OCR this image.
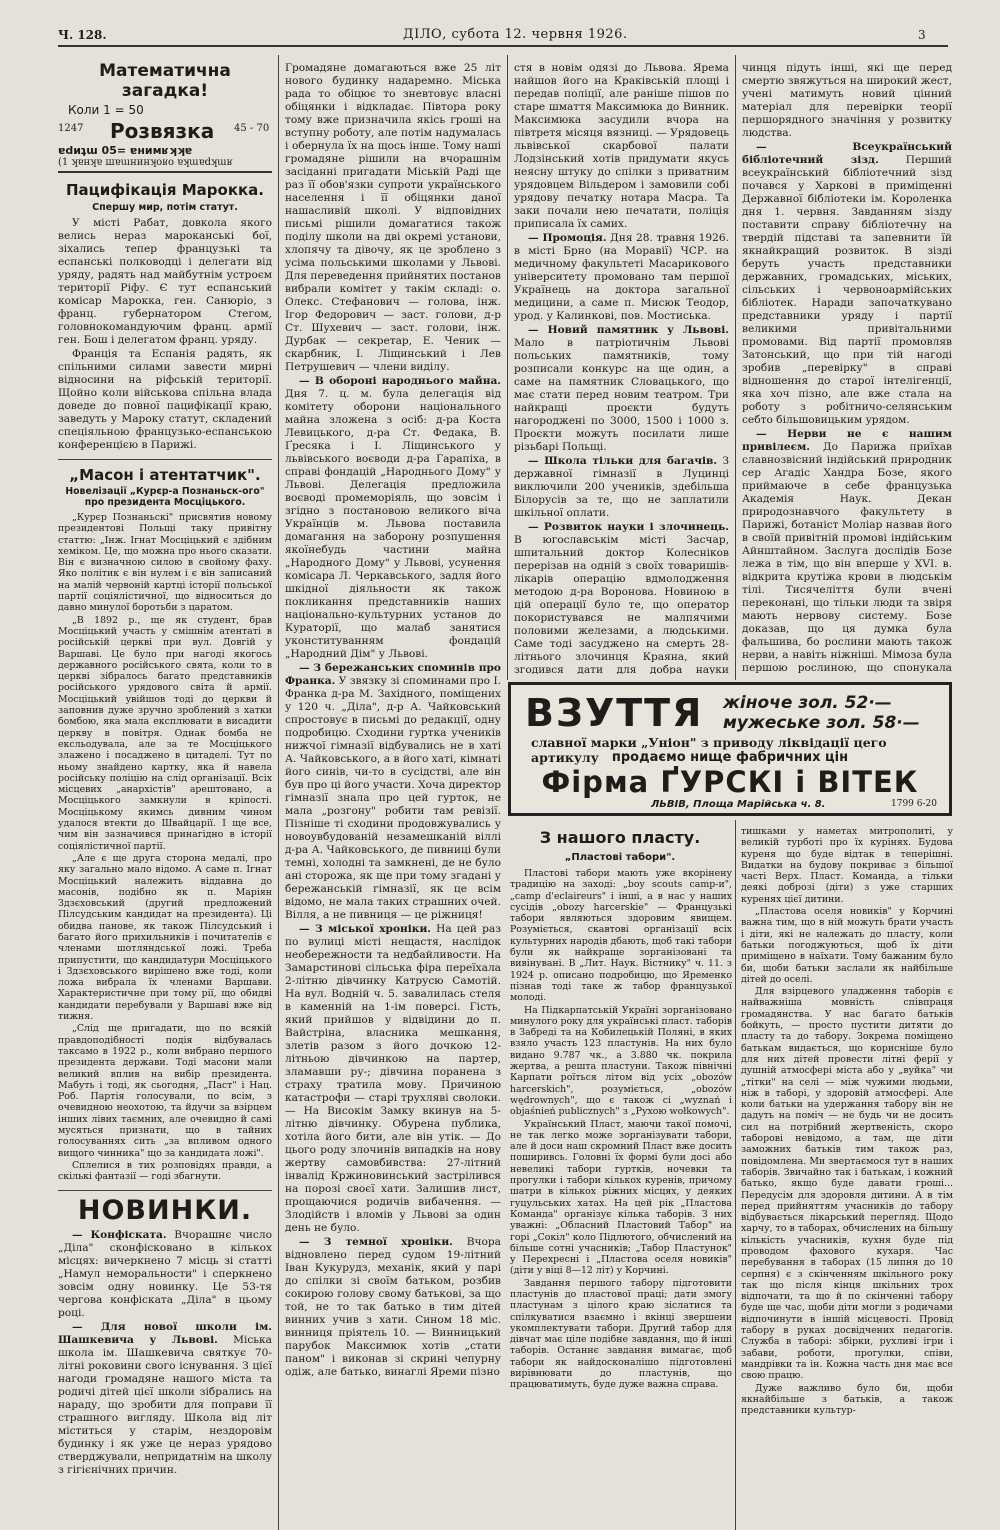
Ч. 128.	ДІЛО, субота 12. червня 1926.	3
Математична загадка!
Коли 1 = 50
1247 Розвязка 45 - 70
ɐdиʇɯ 05= ɐнимʁʞʞɐ
(1 ʞɐнʞɐ шɐɯнинʞоʁо ɐʞɯɐdʞɯʁ
Пацифікація Марокка.
Спершу мир, потім статут.

У місті Рабат, довкола якого велись нераз мароканські бої, зіхались тепер французькі та еспанські полководці і делегати від уряду, радять над майбутнім устроєм території Ріфу. Є тут еспанський комісар Марокка, ген. Санюріо, з франц. губернатором Стегом, головнокомандуючим франц. армії ген. Бош і делегатом франц. уряду.

Франція та Еспанія радять, як спільними силами завести мирні відносини на ріфській території. Щойно коли військова спільна влада доведе до повної пацифікації краю, заведуть у Мароку статут, складений спеціяльною французько-еспанською конференцією в Парижі.

„Масон і атентатчик".
Новелізації „Курєр-а Познаньск-ого" про президента Мосціцького.

„Курєр Познаньскі" присвятив новому президентові Польщі таку привітну статтю: „Інж. Ігнат Мосціцький є здібним хеміком. Це, що можна про нього сказати. Він є визначною силою в свойому фаху. Яко політик є він нулем і є він записаний на малій червоній картці історії польської партії соціялістичної, що відноситься до давно минулої боротьби з царатом.

„В 1892 р., ще як студент, брав Мосціцький участь у смішнім атентаті в російській церкві при вул. Довгій у Варшаві. Це було при нагоді якогось державного російського свята, коли то в церкві зібралось багато представників російського урядового світа й армії. Мосціцький увійшов тоді до церкви й заповнив дуже зручно зроблений з хатки бомбою, яка мала експлювати в висадити церкву в повітря. Однак бомба не ексльодувала, але за те Мосціцького злажено і посаджено в цитаделі. Тут по ньому знайдено картку, яка й навела російську поліцію на слід організації. Всіх місцевих „анархістів" арештовано, а Мосціцького замкнули в кріпості. Мосціцькому якимсь дивним чином удалося втекти до Швайцарії. І ще все, чим він зазначився принагідно в історії соціялістичної партії.

„Але є ще друга сторона медалі, про яку загально мало відомо. А саме п. Ігнат Мосціцький належить віддавна до масонів, подібно як п. Маріян Здзєховський (другий предложений Пілсудським кандидат на президента). Ці обидва панове, як також Пілсудський і багато його прихильників і почитателів є членами шотляндської ложі. Треба припустити, що кандидатури Мосціцького і Здзєховського вирішено вже тоді, коли ложа вибрала їх членами Варшави. Характеристичне при тому рії, що обидві кандидати перебували у Варшаві вже від тижня.

„Слід ще пригадати, що по всякій правдоподібності подія відбувалась таксамо в 1922 р., коли вибрано першого президента держави. Тоді масони мали великий вплив на вибір президента. Мабуть і тоді, як сьогодня, „Паст" і Нац. Роб. Партія голосували, по всім, з очевидною неохотою, та йдучи за взірцем інших лівих таємних, але очевидно й самі мусяться признати, що в тайних голосуваннях сить „за впливом одного вищого чинника" що за кандидата ложі".

Сплелися в тих розповідях правди, а скількі фантазії — годі збагнути.

НОВИНКИ.

— Конфіската. Вчорашнє число „Діла" сконфісковано в кількох місцях: вичеркнено 7 місць зі статті „Намул неморальности" і сперкнено зовсім одну новинку. Це 53-тя чергова конфіската „Діла" в цьому році.

— Для нової школи ім. Шашкевича у Львові. Міська школа ім. Шашкевича святкує 70-літні роковини свого існування. З цієї нагоди громадяне нашого міста та родичі дітей цієї школи зібрались на нараду, що зробити для поправи її страшного вигляду. Школа від літ міститься у старім, нездоровім будинку і як уже це нераз урядово стверджували, непридатнім на школу з гігієнічних причин.

Громадяне домагаються вже 25 літ нового будинку надаремно. Міська рада то обіцює то зневтовує власні обіцянки і відкладає. Півтора року тому вже призначила якісь гроші на вступну роботу, але потім надумалась і обернула їх на щось інше. Тому наші громадяне рішили на вчорашнім засіданні пригадати Міській Раді ще раз її обов'язки супроти українського населення і її обіцянки даної нашасливій школі. У відповідних письмі рішили домагатися також поділу школи на дві окремі установи, хлопячу та дівочу, як це зроблено з усіма польськими школами у Львові. Для переведення прийнятих постанов вибрали комітет у такім складі: о. Олекс. Стефанович — голова, інж. Ігор Федорович — заст. голови, д-р Ст. Шухевич — заст. голови, інж. Дурбак — секретар, Е. Ченик — скарбник, І. Ліщинський і Лев Петрушевич — члени виділу.

— В обороні народнього майна. Дня 7. ц. м. була делегація від комітету оборони національного майна зложена з осіб: д-ра Коста Левицького, д-ра Ст. Федака, В. Ґресяка і І. Ліщинського у львівського воєводи д-ра Гарапіха, в справі фондацій „Народнього Дому" у Львові. Делегація предложила воєводі промеморіяль, що зовсім і згідно з постановою великого віча Українців м. Львова поставила домагання на заборону розпушення якоїнебудь частини майна „Народного Дому" у Львові, усунення комісара Л. Черкавського, задля його шкідної діяльности як також покликання представників наших національно-культурних установ до Кураторії, що малаб занятися уконституванням фондацій „Народний Дім" у Львові.

— З бережанських споминів про Франка. У звязку зі споминами про І. Франка д-ра М. Західного, поміщених у 120 ч. „Діла", д-р А. Чайковський спростовує в письмі до редакції, одну подробицю. Сходини гуртка учеників нижчої гімназії відбувались не в хаті А. Чайковського, а в його хаті, кімнаті його синів, чи-то в сусідстві, але він був про ці його участи. Хоча директор гімназії знала про цей гурток, не мала „розгону" робити там ревізії. Пізніше ті сходини продовжувались у новоувбудованій незамешканій віллі д-ра А. Чайковського, де пивниці були темні, холодні та замкнені, де не було ані сторожа, як ще при тому згадані у бережанській гімназії, як це всім відомо, не мала таких страшних очей. Вілля, а не пивниця — це ріжниця!

— З міської хроніки. На цей раз по вулиці місті нещастя, наслідок необережности та недбайливости. На Замарстинові сільська фіра переїхала 2-літню дівчинку Катрусю Самотій. На вул. Водній ч. 5. завалилась стеля в каменній на 1-ім поверсі. Гість, який прийшов у відвідини до п. Вайстріна, власника мешкання, злетів разом з його дочкою 12-літньою дівчинкою на партер, зламавши ру-; дівчина поранена з страху тратила мову. Причиною катастрофи — старі трухляві сволоки. — На Високім Замку вкинув на 5-літню дівчинку. Обурена публика, хотіла його бити, але він утік. — До цього роду злочинів випадків на нову жертву самовбивства: 27-літний інвалід Кржиновинський застрілився на порозі своєї хати. Залишив лист, прощаючися родичів вибачення. — Злодійств і вломів у Львові за один день не було.

— З темної хроніки. Вчора відновлено перед судом 19-літний Іван Кукурудз, механік, який у парі до спілки зі своїм батьком, розбив сокирою голову свому батькові, за що той, не то так батько в тим дітей винних учив з хати. Сином 18 міс. винниця пріятель 10. — Винницький парубок Максимюк хотів „стати паном" і виконав зі скрині чепурну одіж, але батько, винаглі Яреми пізно

стя в новім одязі до Львова. Ярема найшов його на Краківській площі і передав поліції, але раніше пішов по старе шмаття Максимюка до Винник. Максимюка засудили вчора на півтретя місяця вязниці. — Урядовець львівської скарбової палати Лодзінський хотів придумати якусь неясну штуку до спілки з приватним урядовцем Вільдером і замовили собі урядову печатку нотара Масра. Та заки почали нею печатати, поліція приписала їх самих.

— Промоція. Дня 28. травня 1926. в місті Брно (на Моравії) ЧСР. на медичному факультеті Масарикового університету промовано там першої Українець на доктора загальної медицини, а саме п. Мисюк Теодор, урод. у Калинкові, пов. Мостиська.

— Новий памятник у Львові. Мало в патріотичнім Львові польських памятників, тому розписали конкурс на ще один, а саме на памятник Словацького, що має стати перед новим театром. Три найкращі проєкти будуть нагороджені по 3000, 1500 і 1000 з. Проєкти можуть посилати лише різьбарі Польщі.

— Школа тільки для багачів. З державної гімназії в Луцинці виключили 200 учеників, здебільша Білорусів за те, що не заплатили шкільної оплати.

— Розвиток науки і злочинець. В югославськім місті Засчар, шпитальний доктор Колесніков перерізав на одній з своїх товаришів-лікарів операцію вдмолодження методою д-ра Воронова. Новиною в цій операції було те, що оператор покористувався не малпячими половими железами, а людськими. Саме тоді засуджено на смерть 28-літнього злочинця Краяна, який згодився дати для добра науки

чинця підуть інші, які ще перед смертю звяжуться на широкий жест, учені матимуть новий цінний матеріал для перевірки теорії першорядного значіння у розвитку людства.

— Всеукраїнський бібліотечний зізд.	Перший всеукраїнський бібліотечний зізд почався у Харкові в приміщенні Державної бібліотеки ім. Короленка дня 1. червня. Завданням зізду поставити справу бібліотечну на твердій підставі та запевнити їй якнайкращий розвиток. В зізді беруть участь представники державних, громадських, міських, сільських і червоноармійських бібліотек. Наради започаткувано представники уряду і партії великими привітальними промовами. Від партії промовляв Затонський, що при тій нагоді зробив „перевірку" в справі відношення до старої інтелігенції, яка хоч пізно, але вже стала на роботу з робітничо-селянським себто більшовицьким урядом.

— Нерви не є нашим привілеєм. До Парижа приїхав славнозвісний індійський природник сер Агадіс Хандра Бозе, якого приймаюче в себе французька Академія Наук. Декан природознавчого факультету в Парижі, ботаніст Моліар назвав його в своїй привітній промові індійським Айнштайном. Заслуга дослідів Бозе лежа в тім, що він вперше у XVI. в. відкрита крутіжа крови в людськім тілі. Тисячеліття були вчені переконані, що тільки люди та звіря мають нервову систему. Бозе доказав, що ця думка була фальшива, бо рослини мають також нерви, а навіть ніжніші. Мімоза була першою рослиною, що спонукала

ВЗУТТЯ жіноче зол. 52·—
мужеське зол. 58·—
славної марки „Уніон" з приводу ліквідації цего артикулу	продаємо нище фабричних цін
Фірма ҐУРСКІ і ВІТЕК
ЛЬВІВ, Площа Марійська ч. 8.	1799 6-20
З нашого пласту.
„Пластові табори".

Пластові табори мають уже вкорінену традицію на заході: „boy scouts camp-и", „camp d'eclaireurs" і інші, а в нас у наших сусідів „obozy harcerskie" — Французькі табори являються здоровим явищем. Розуміється, скавтові організації всіх культурних народів дбають, щоб такі табори були як найкраще зорганізовані та вивінувані. В „Лит. Наук. Вістнику" ч. 11. з 1924 р. описано подробицю, що Яременко пізнав тоді таке ж табор французької молоді.

На Підкарпатській Україні зорганізовано минулого року для українські пласт. таборів в Забреді та на Кобилецькій Поляні, в яких взяло участь 123 пластунів. На них було видано 9.787 чк., а 3.880 чк. покрила жертва, а решта пластуни. Також північні Карпати роїться літом від усіх „obozów harcerskich", розуміється, „obozów wędrownych", що є також сі „wyznań і objaśnień publicznych" з „Рухою wołkowych".

Український Пласт, маючи такої помочі, не так легко може зорганізувати табори, але й доси наш скромний Пласт вже досить поширивсь. Головні їх формі були досі або невеликі табори гуртків, ночевки та прогулки і табори кількох куренів, причому шатри в кількох ріжних місцях, у деяких гуцульських хатах. На цей рік „Пластова Команда" організує кілька таборів. З них уважні: „Обласний Пластовий Табор" на горі „Сокіл" коло Підлютого, обчислений на більше сотні учасників; „Табор Пластунок" у Перехресні і „Пластова оселя новиків" (діти у віці 8—12 літ) у Корчині.

Завдання першого табору підготовити пластунів до пластової праці; дати змогу пластунам з цілого краю зіслатися та спілкуватися взаємно і вкінці звершени укомплектувати табори. Другий табор для дівчат має ціле подібне завдання, що й інші таборів. Останнє завдання вимагає, щоб табори як найдосконалішо підготовлені вирівнювати до пластунів, що працюватимуть, буде дуже важна справа.

тишками у наметах митрополиті, у великій турботі про їх курінях. Будова куреня що буде відтак в теперішні. Видатки на будову покриває з більшої часті Верх. Пласт. Команда, а тільки деякі доброзі (діти) з уже старших куренях цієї дитини.

„Пластова оселя новиків" у Корчині важна тим, що в ній можуть брати участь і діти, які не належать до пласту, коли батьки погоджуються, щоб їх діти приміщено в наїхати. Тому бажаним було би, щоби батьки заслали як найбільше дітей до оселі.

Для взірцевого уладження таборів є найважніша мовність співпраця громадянства. У нас багато батьків бойкуть, — просто пустити дитяти до пласту та до табору. Зокрема поміщено батькам видається, що корисніше було для них дітей провести літні ферії у душній атмосфері міста або у „вуйка" чи „тітки" на селі — між чужими людьми, ніж в таборі, у здоровій атмосфері. Але коли батьки на удержання табору він не дадуть на поміч — не будь чи не досить сил на потрібний жертвеність, скоро таборові невідомо, а там, ще діти заможних батьків тим також раз, повідомлена. Ми звертаємося тут в наших таборів. Звичайно так і батькам, і кожний батько, якщо буде давати гроші... Передусім для здоровля дитини. А в тім перед прийняттям учасників до табору відбувається лікарський перегляд. Щодо харчу, то в таборах, обчислених на більшу кількість учасників, кухня буде під проводом фахового кухаря. Час перебування в таборах (15 липня до 10 серпня) є з скінченням шкільного року так що після кінця шкільних трох відпочати, та що й по скінченні табору буде ще час, щоби діти могли з родичами відпочинути в іншій місцевості. Провід табору в руках досвідчених педагогів. Служба в таборі: збірки, рухливі ігри і забави, роботи, прогулки, співи, мандрівки та ін. Кожна часть дня має все свою працю.

Дуже важливо було би, щоби якнайбільше з батьків, а також представники культур-
